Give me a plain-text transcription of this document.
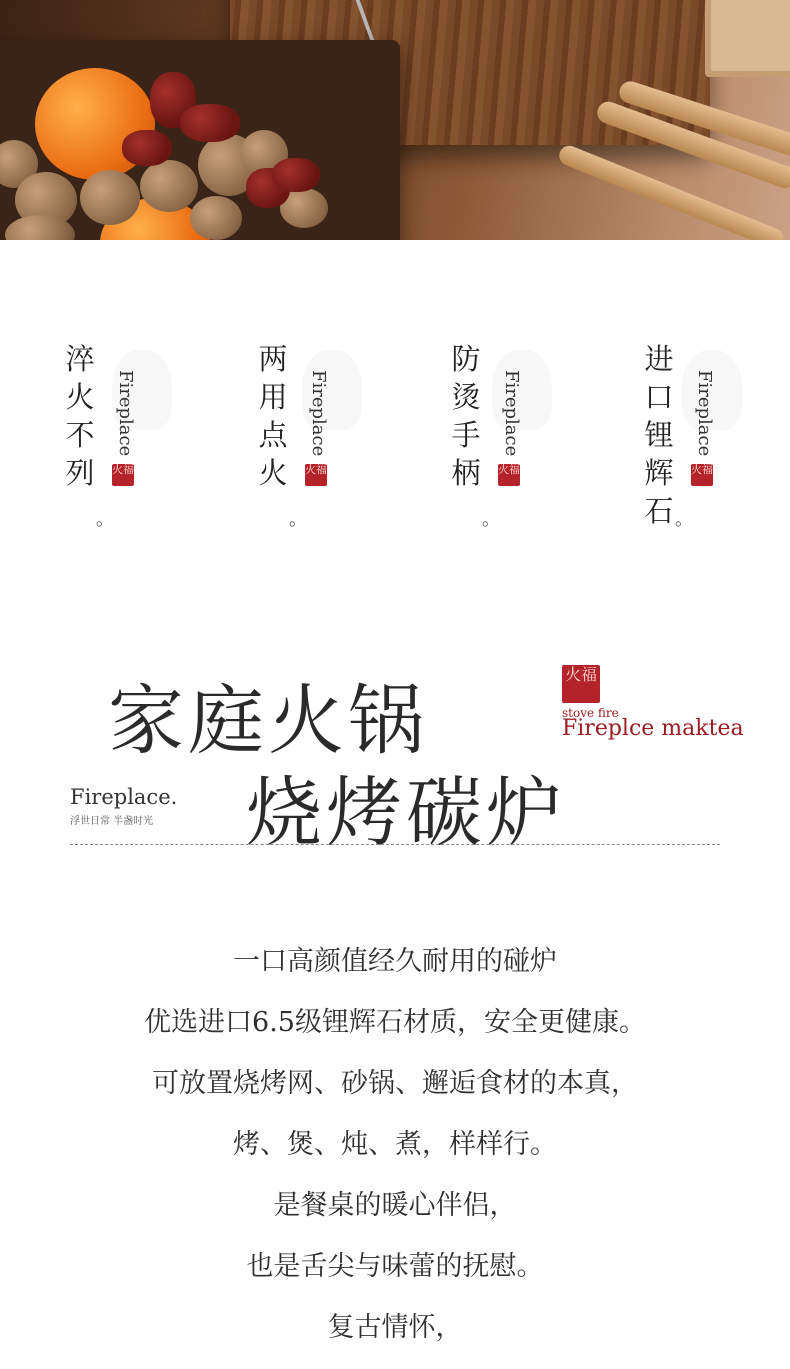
淬火不列
Fireplace
火福
。
两用点火
Fireplace
火福
。
防烫手柄
Fireplace
火福
。
进口锂辉石
Fireplace
火福
。
家庭火锅
烧烤碳炉
火福
stove fire
Fireplce maktea
Fireplace.
浮世日常 半盏时光
一口高颜值经久耐用的碰炉
优选进口6.5级锂辉石材质，安全更健康。
可放置烧烤网、砂锅、邂逅食材的本真，
烤、煲、炖、煮，样样行。
是餐桌的暖心伴侣，
也是舌尖与味蕾的抚慰。
复古情怀，
